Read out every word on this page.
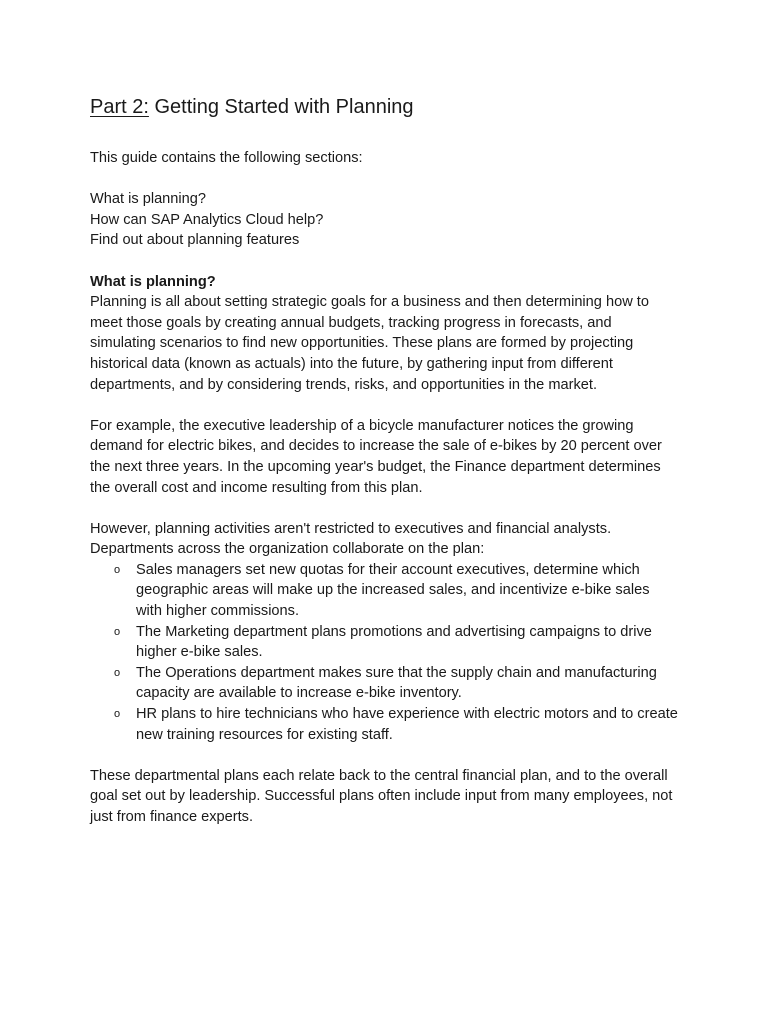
Part 2: Getting Started with Planning

This guide contains the following sections:

What is planning?
How can SAP Analytics Cloud help?
Find out about planning features

What is planning?

Planning is all about setting strategic goals for a business and then determining how to meet those goals by creating annual budgets, tracking progress in forecasts, and simulating scenarios to find new opportunities. These plans are formed by projecting historical data (known as actuals) into the future, by gathering input from different departments, and by considering trends, risks, and opportunities in the market.

For example, the executive leadership of a bicycle manufacturer notices the growing demand for electric bikes, and decides to increase the sale of e-bikes by 20 percent over the next three years. In the upcoming year's budget, the Finance department determines the overall cost and income resulting from this plan.

However, planning activities aren't restricted to executives and financial analysts. Departments across the organization collaborate on the plan:

o Sales managers set new quotas for their account executives, determine which geographic areas will make up the increased sales, and incentivize e-bike sales with higher commissions.
o The Marketing department plans promotions and advertising campaigns to drive higher e-bike sales.
o The Operations department makes sure that the supply chain and manufacturing capacity are available to increase e-bike inventory.
o HR plans to hire technicians who have experience with electric motors and to create new training resources for existing staff.

These departmental plans each relate back to the central financial plan, and to the overall goal set out by leadership. Successful plans often include input from many employees, not just from finance experts.
